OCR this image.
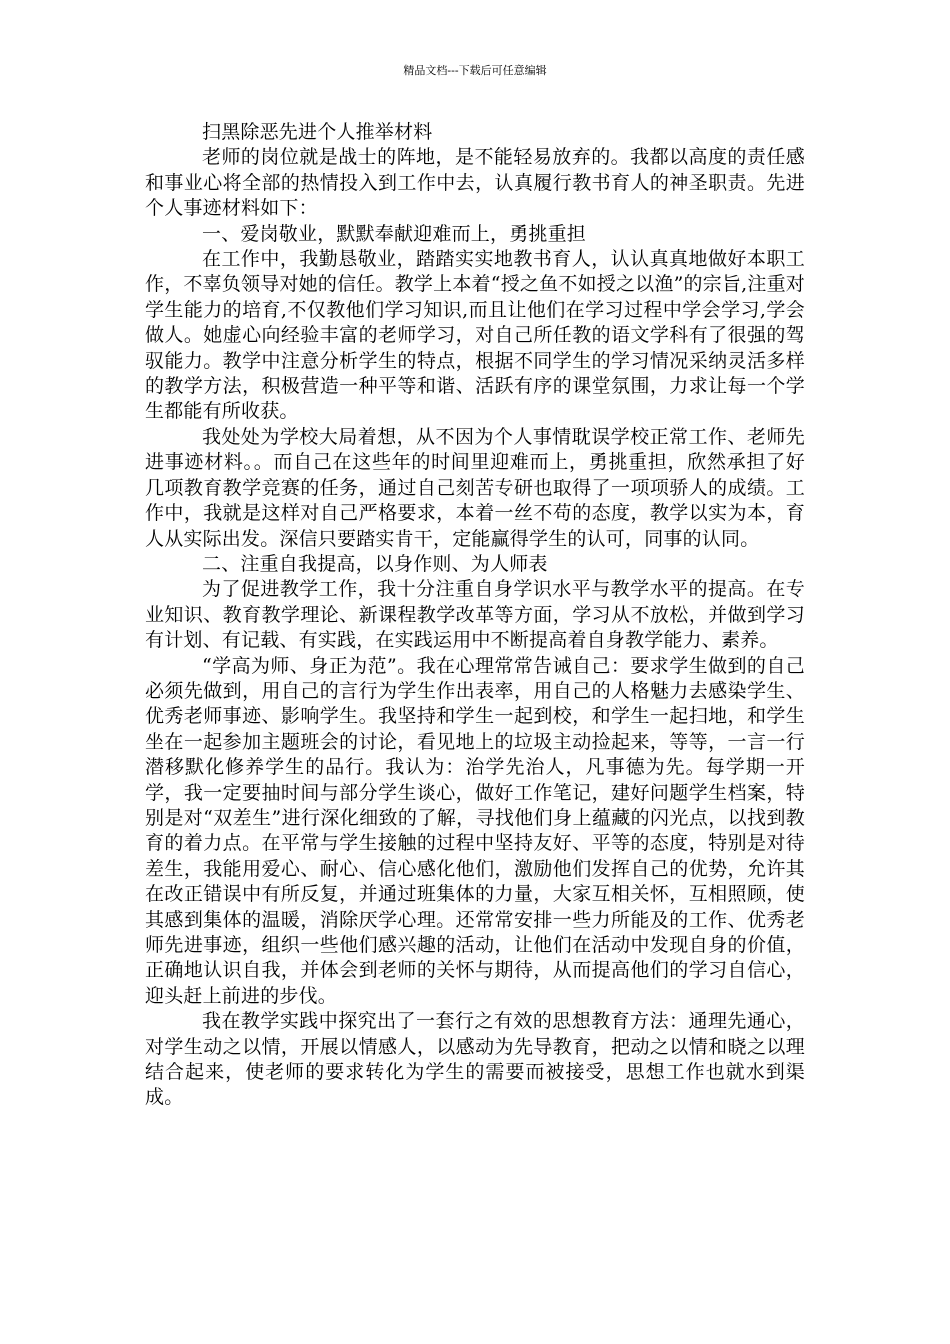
精品文档---下载后可任意编辑

扫黑除恶先进个人推举材料

老师的岗位就是战士的阵地，是不能轻易放弃的。我都以高度的责任感和事业心将全部的热情投入到工作中去，认真履行教书育人的神圣职责。先进个人事迹材料如下：

一、爱岗敬业，默默奉献迎难而上，勇挑重担

在工作中，我勤恳敬业，踏踏实实地教书育人，认认真真地做好本职工作，不辜负领导对她的信任。教学上本着“授之鱼不如授之以渔”的宗旨,注重对学生能力的培育,不仅教他们学习知识,而且让他们在学习过程中学会学习,学会做人。她虚心向经验丰富的老师学习，对自己所任教的语文学科有了很强的驾驭能力。教学中注意分析学生的特点，根据不同学生的学习情况采纳灵活多样的教学方法，积极营造一种平等和谐、活跃有序的课堂氛围，力求让每一个学生都能有所收获。

我处处为学校大局着想，从不因为个人事情耽误学校正常工作、老师先进事迹材料。。而自己在这些年的时间里迎难而上，勇挑重担，欣然承担了好几项教育教学竞赛的任务，通过自己刻苦专研也取得了一项项骄人的成绩。工作中，我就是这样对自己严格要求，本着一丝不苟的态度，教学以实为本，育人从实际出发。深信只要踏实肯干，定能赢得学生的认可，同事的认同。

二、注重自我提高，以身作则、为人师表

为了促进教学工作，我十分注重自身学识水平与教学水平的提高。在专业知识、教育教学理论、新课程教学改革等方面，学习从不放松，并做到学习有计划、有记载、有实践，在实践运用中不断提高着自身教学能力、素养。

“学高为师、身正为范”。我在心理常常告诫自己：要求学生做到的自己必须先做到，用自己的言行为学生作出表率，用自己的人格魅力去感染学生、优秀老师事迹、影响学生。我坚持和学生一起到校，和学生一起扫地，和学生坐在一起参加主题班会的讨论，看见地上的垃圾主动捡起来，等等，一言一行潜移默化修养学生的品行。我认为：治学先治人，凡事德为先。每学期一开学，我一定要抽时间与部分学生谈心，做好工作笔记，建好问题学生档案，特别是对“双差生”进行深化细致的了解，寻找他们身上蕴藏的闪光点，以找到教育的着力点。在平常与学生接触的过程中坚持友好、平等的态度，特别是对待差生，我能用爱心、耐心、信心感化他们，激励他们发挥自己的优势，允许其在改正错误中有所反复，并通过班集体的力量，大家互相关怀，互相照顾，使其感到集体的温暖，消除厌学心理。还常常安排一些力所能及的工作、优秀老师先进事迹，组织一些他们感兴趣的活动，让他们在活动中发现自身的价值，正确地认识自我，并体会到老师的关怀与期待，从而提高他们的学习自信心，迎头赶上前进的步伐。

我在教学实践中探究出了一套行之有效的思想教育方法：通理先通心，对学生动之以情，开展以情感人，以感动为先导教育，把动之以情和晓之以理结合起来，使老师的要求转化为学生的需要而被接受，思想工作也就水到渠成。
